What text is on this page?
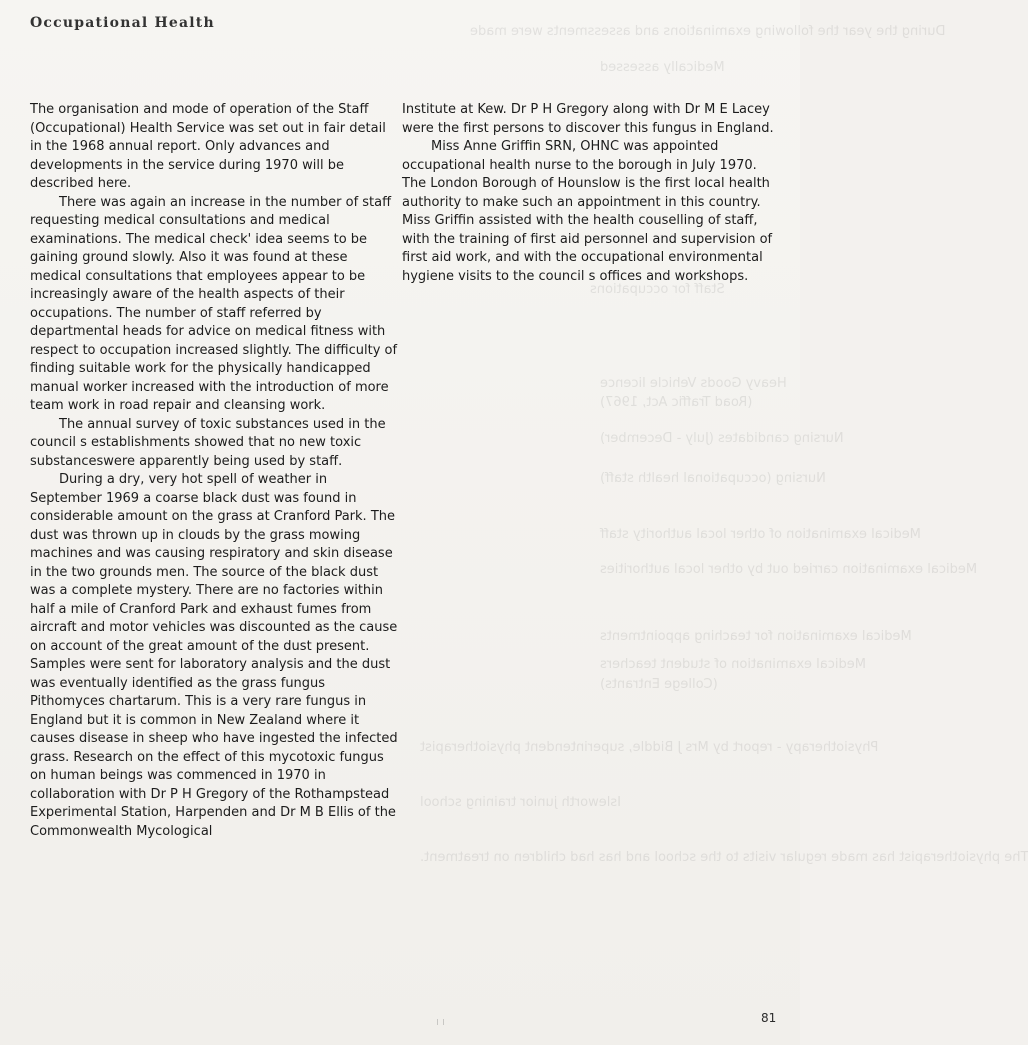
During the year the
Nursing
Nursing
Medical examination
Medical examination carried
Medical examination
Medical
Physiotherapy
The physiotherapist has made regular
Occupational Health

The organisation and mode of operation of the Staff (Occupational) Health Service was set out in fair detail in the 1968 annual report. Only advances and developments in the service during 1970 will be described here.

There was again an increase in the number of staff requesting medical consultations and medical examinations. The medical check' idea seems to be gaining ground slowly. Also it was found at these medical consultations that employees appear to be increasingly aware of the health aspects of their occupations. The number of staff referred by departmental heads for advice on medical fitness with respect to occupation increased slightly. The difficulty of finding suitable work for the physically handicapped manual worker increased with the introduction of more team work in road repair and cleansing work.

The annual survey of toxic substances used in the council s establishments showed that no new toxic substanceswere apparently being used by staff.

During a dry, very hot spell of weather in September 1969 a coarse black dust was found in considerable amount on the grass at Cranford Park. The dust was thrown up in clouds by the grass mowing machines and was causing respiratory and skin disease in the two grounds men. The source of the black dust was a complete mystery. There are no factories within half a mile of Cranford Park and exhaust fumes from aircraft and motor vehicles was discounted as the cause on account of the great amount of the dust present. Samples were sent for laboratory analysis and the dust was eventually identified as the grass fungus Pithomyces chartarum. This is a very rare fungus in England but it is common in New Zealand where it causes disease in sheep who have ingested the infected grass. Research on the effect of this mycotoxic fungus on human beings was commenced in 1970 in collaboration with Dr P H Gregory of the Rothampstead Experimental Station, Harpenden and Dr M B Ellis of the Commonwealth Mycological

Institute at Kew. Dr P H Gregory along with Dr M E Lacey were the first persons to discover this fungus in England.

Miss Anne Griffin SRN, OHNC was appointed occupational health nurse to the borough in July 1970. The London Borough of Hounslow is the first local health authority to make such an appointment in this country. Miss Griffin assisted with the health couselling of staff, with the training of first aid personnel and supervision of first aid work, and with the occupational environmental hygiene visits to the council s offices and workshops.

81
